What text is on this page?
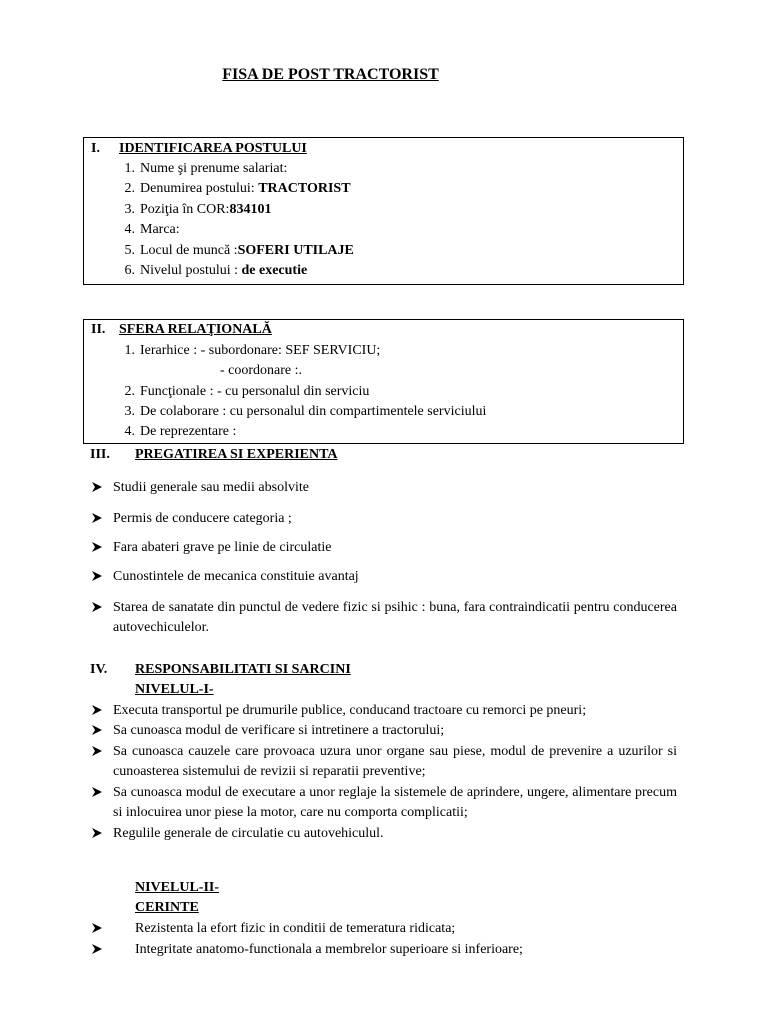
FISA DE POST TRACTORIST
I. IDENTIFICAREA POSTULUI
1. Nume şi prenume salariat:
2. Denumirea postului: TRACTORIST
3. Poziţia în COR:834101
4. Marca:
5. Locul de muncă :SOFERI UTILAJE
6. Nivelul postului : de executie
II. SFERA RELAŢIONALĂ
1. Ierarhice : - subordonare: SEF SERVICIU;
- coordonare :.
2. Funcţionale : - cu personalul din serviciu
3. De colaborare : cu personalul din compartimentele serviciului
4. De reprezentare :
III. PREGATIREA SI EXPERIENTA
Studii generale sau medii absolvite
Permis de conducere categoria ;
Fara abateri grave pe linie de circulatie
Cunostintele de mecanica constituie avantaj
Starea de sanatate din punctul de vedere fizic si psihic : buna, fara contraindicatii pentru conducerea autovechiculelor.
IV. RESPONSABILITATI SI SARCINI
NIVELUL-I-
Executa transportul pe drumurile publice, conducand tractoare cu remorci pe pneuri;
Sa cunoasca modul de verificare si intretinere a tractorului;
Sa cunoasca cauzele care provoaca uzura unor organe sau piese, modul de prevenire a uzurilor si cunoasterea sistemului de revizii si reparatii preventive;
Sa cunoasca modul de executare a unor reglaje la sistemele de aprindere, ungere, alimentare precum si inlocuirea unor piese la motor, care nu comporta complicatii;
Regulile generale de circulatie cu autovehiculul.
NIVELUL-II-
CERINTE
Rezistenta la efort fizic in conditii de temeratura ridicata;
Integritate anatomo-functionala a membrelor superioare si inferioare;
